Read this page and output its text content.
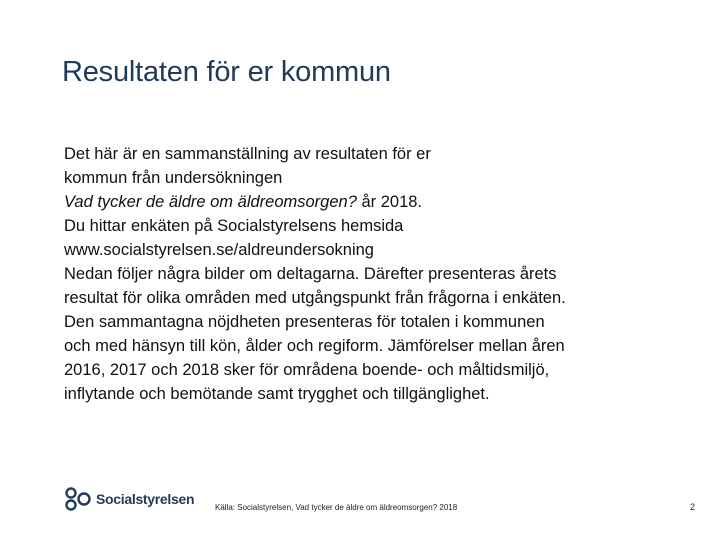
Resultaten för er kommun

Det här är en sammanställning av resultaten för er
kommun från undersökningen
Vad tycker de äldre om äldreomsorgen? år 2018.
Du hittar enkäten på Socialstyrelsens hemsida
www.socialstyrelsen.se/aldreundersokning

Nedan följer några bilder om deltagarna. Därefter presenteras årets
resultat för olika områden med utgångspunkt från frågorna i enkäten.
Den sammantagna nöjdheten presenteras för totalen i kommunen
och med hänsyn till kön, ålder och regiform. Jämförelser mellan åren
2016, 2017 och 2018 sker för områdena boende- och måltidsmiljö,
inflytande och bemötande samt trygghet och tillgänglighet.

Socialstyrelsen
Källa: Socialstyrelsen, Vad tycker de äldre om äldreomsorgen? 2018	2
